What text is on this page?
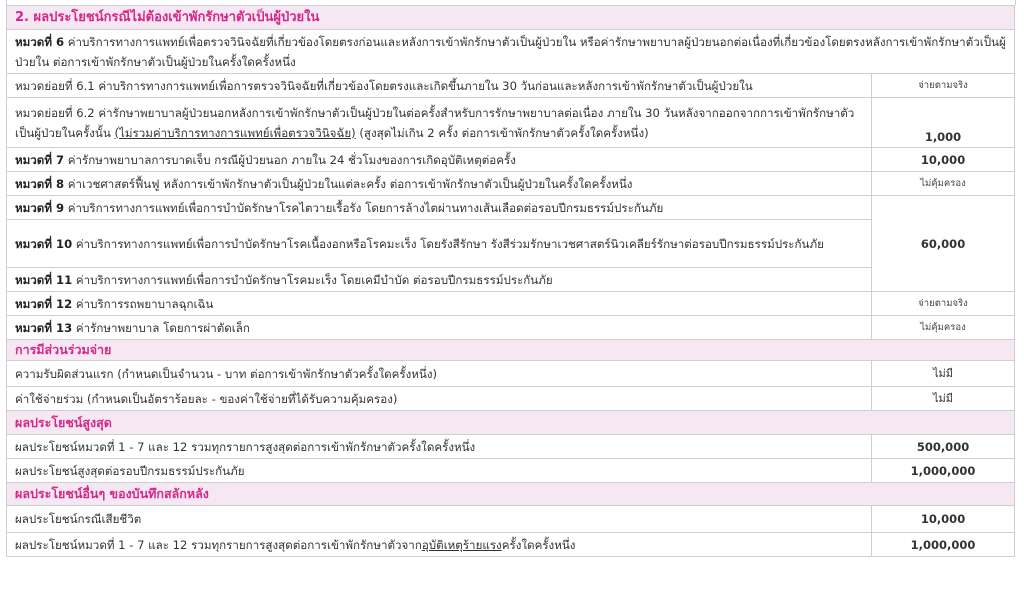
2. ผลประโยชน์กรณีไม่ต้องเข้าพักรักษาตัวเป็นผู้ป่วยใน	
หมวดที่ 6 ค่าบริการทางการแพทย์เพื่อตรวจวินิจฉัยที่เกี่ยวข้องโดยตรงก่อนและหลังการเข้าพักรักษาตัวเป็นผู้ป่วยใน หรือค่ารักษาพยาบาลผู้ป่วยนอกต่อเนื่องที่เกี่ยวข้องโดยตรงหลังการเข้าพักรักษาตัวเป็นผู้ป่วยใน ต่อการเข้าพักรักษาตัวเป็นผู้ป่วยในครั้งใดครั้งหนึ่ง	
หมวดย่อยที่ 6.1 ค่าบริการทางการแพทย์เพื่อการตรวจวินิจฉัยที่เกี่ยวข้องโดยตรงและเกิดขึ้นภายใน 30 วันก่อนและหลังการเข้าพักรักษาตัวเป็นผู้ป่วยใน	จ่ายตามจริง
หมวดย่อยที่ 6.2 ค่ารักษาพยาบาลผู้ป่วยนอกหลังการเข้าพักรักษาตัวเป็นผู้ป่วยในต่อครั้งสำหรับการรักษาพยาบาลต่อเนื่อง ภายใน 30 วันหลังจากออกจากการเข้าพักรักษาตัวเป็นผู้ป่วยในครั้งนั้น (ไม่รวมค่าบริการทางการแพทย์เพื่อตรวจวินิจฉัย) (สูงสุดไม่เกิน 2 ครั้ง ต่อการเข้าพักรักษาตัวครั้งใดครั้งหนึ่ง)	1,000
หมวดที่ 7 ค่ารักษาพยาบาลการบาดเจ็บ กรณีผู้ป่วยนอก ภายใน 24 ชั่วโมงของการเกิดอุบัติเหตุต่อครั้ง	10,000
หมวดที่ 8 ค่าเวชศาสตร์ฟื้นฟู หลังการเข้าพักรักษาตัวเป็นผู้ป่วยในแต่ละครั้ง ต่อการเข้าพักรักษาตัวเป็นผู้ป่วยในครั้งใดครั้งหนึ่ง	ไม่คุ้มครอง
หมวดที่ 9 ค่าบริการทางการแพทย์เพื่อการบำบัดรักษาโรคไตวายเรื้อรัง โดยการล้างไตผ่านทางเส้นเลือดต่อรอบปีกรมธรรม์ประกันภัย	60,000
หมวดที่ 10 ค่าบริการทางการแพทย์เพื่อการบำบัดรักษาโรคเนื้องอกหรือโรคมะเร็ง โดยรังสีรักษา รังสีร่วมรักษาเวชศาสตร์นิวเคลียร์รักษาต่อรอบปีกรมธรรม์ประกันภัย	
หมวดที่ 11 ค่าบริการทางการแพทย์เพื่อการบำบัดรักษาโรคมะเร็ง โดยเคมีบำบัด ต่อรอบปีกรมธรรม์ประกันภัย	
หมวดที่ 12 ค่าบริการรถพยาบาลฉุกเฉิน	จ่ายตามจริง
หมวดที่ 13 ค่ารักษาพยาบาล โดยการผ่าตัดเล็ก	ไม่คุ้มครอง
การมีส่วนร่วมจ่าย	
ความรับผิดส่วนแรก (กำหนดเป็นจำนวน - บาท ต่อการเข้าพักรักษาตัวครั้งใดครั้งหนึ่ง)	ไม่มี
ค่าใช้จ่ายร่วม (กำหนดเป็นอัตราร้อยละ - ของค่าใช้จ่ายที่ได้รับความคุ้มครอง)	ไม่มี
ผลประโยชน์สูงสุด	
ผลประโยชน์หมวดที่ 1 - 7 และ 12 รวมทุกรายการสูงสุดต่อการเข้าพักรักษาตัวครั้งใดครั้งหนึ่ง	500,000
ผลประโยชน์สูงสุดต่อรอบปีกรมธรรม์ประกันภัย	1,000,000
ผลประโยชน์อื่นๆ ของบันทึกสลักหลัง	
ผลประโยชน์กรณีเสียชีวิต	10,000
ผลประโยชน์หมวดที่ 1 - 7 และ 12 รวมทุกรายการสูงสุดต่อการเข้าพักรักษาตัวจากอุบัติเหตุร้ายแรงครั้งใดครั้งหนึ่ง	1,000,000
